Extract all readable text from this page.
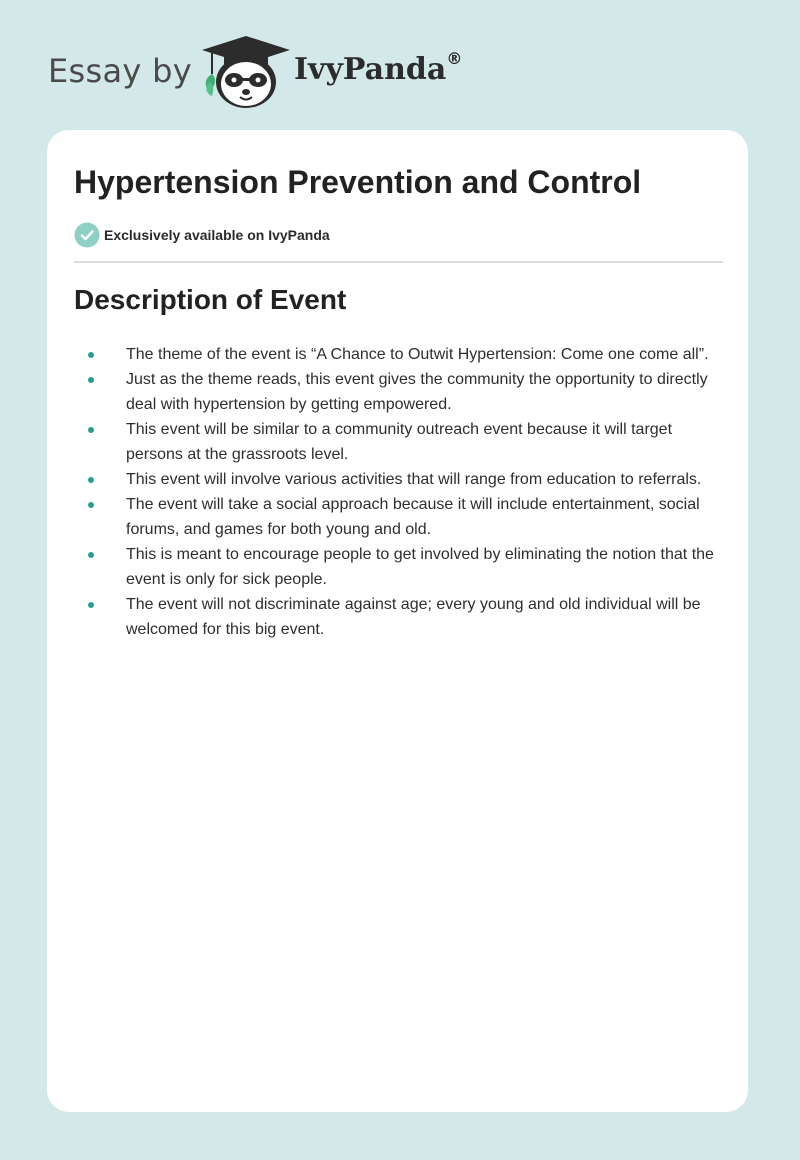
Essay by	IvyPanda®
Hypertension Prevention and Control
Exclusively available on IvyPanda
Description of Event
The theme of the event is “A Chance to Outwit Hypertension: Come one come all”.
Just as the theme reads, this event gives the community the opportunity to directly deal with hypertension by getting empowered.
This event will be similar to a community outreach event because it will target persons at the grassroots level.
This event will involve various activities that will range from education to referrals.
The event will take a social approach because it will include entertainment, social forums, and games for both young and old.
This is meant to encourage people to get involved by eliminating the notion that the event is only for sick people.
The event will not discriminate against age; every young and old individual will be welcomed for this big event.
